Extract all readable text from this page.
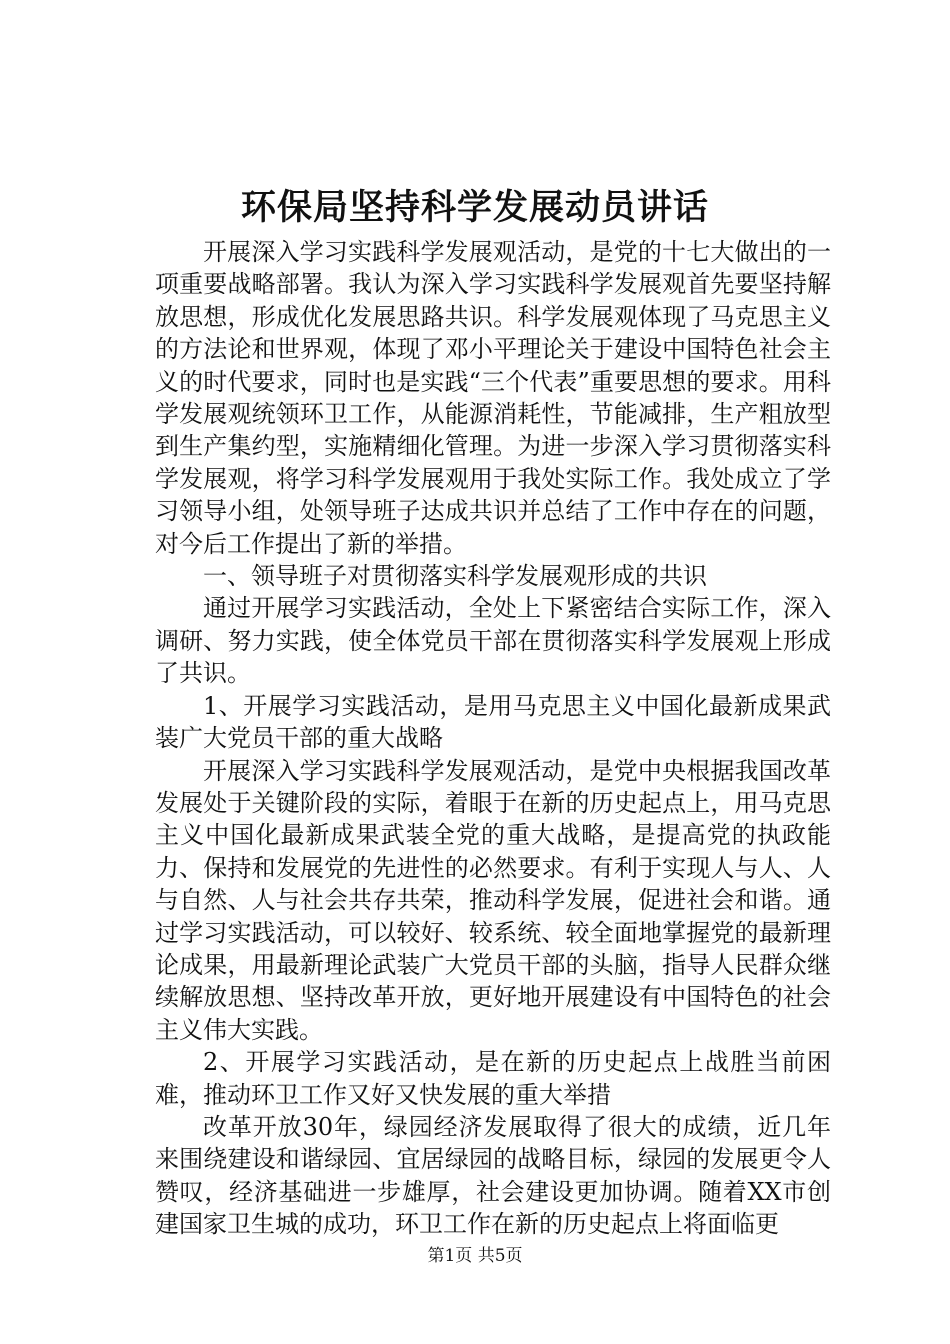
环保局坚持科学发展动员讲话

开展深入学习实践科学发展观活动，是党的十七大做出的一项重要战略部署。我认为深入学习实践科学发展观首先要坚持解放思想，形成优化发展思路共识。科学发展观体现了马克思主义的方法论和世界观，体现了邓小平理论关于建设中国特色社会主义的时代要求，同时也是实践“三个代表”重要思想的要求。用科学发展观统领环卫工作，从能源消耗性，节能减排，生产粗放型到生产集约型，实施精细化管理。为进一步深入学习贯彻落实科学发展观，将学习科学发展观用于我处实际工作。我处成立了学习领导小组，处领导班子达成共识并总结了工作中存在的问题，对今后工作提出了新的举措。

一、领导班子对贯彻落实科学发展观形成的共识

通过开展学习实践活动，全处上下紧密结合实际工作，深入调研、努力实践，使全体党员干部在贯彻落实科学发展观上形成了共识。

1、开展学习实践活动，是用马克思主义中国化最新成果武装广大党员干部的重大战略

开展深入学习实践科学发展观活动，是党中央根据我国改革发展处于关键阶段的实际，着眼于在新的历史起点上，用马克思主义中国化最新成果武装全党的重大战略，是提高党的执政能力、保持和发展党的先进性的必然要求。有利于实现人与人、人与自然、人与社会共存共荣，推动科学发展，促进社会和谐。通过学习实践活动，可以较好、较系统、较全面地掌握党的最新理论成果，用最新理论武装广大党员干部的头脑，指导人民群众继续解放思想、坚持改革开放，更好地开展建设有中国特色的社会主义伟大实践。

2、开展学习实践活动，是在新的历史起点上战胜当前困难，推动环卫工作又好又快发展的重大举措

改革开放30年，绿园经济发展取得了很大的成绩，近几年来围绕建设和谐绿园、宜居绿园的战略目标，绿园的发展更令人赞叹，经济基础进一步雄厚，社会建设更加协调。随着XX市创建国家卫生城的成功，环卫工作在新的历史起点上将面临更

第1页 共5页
